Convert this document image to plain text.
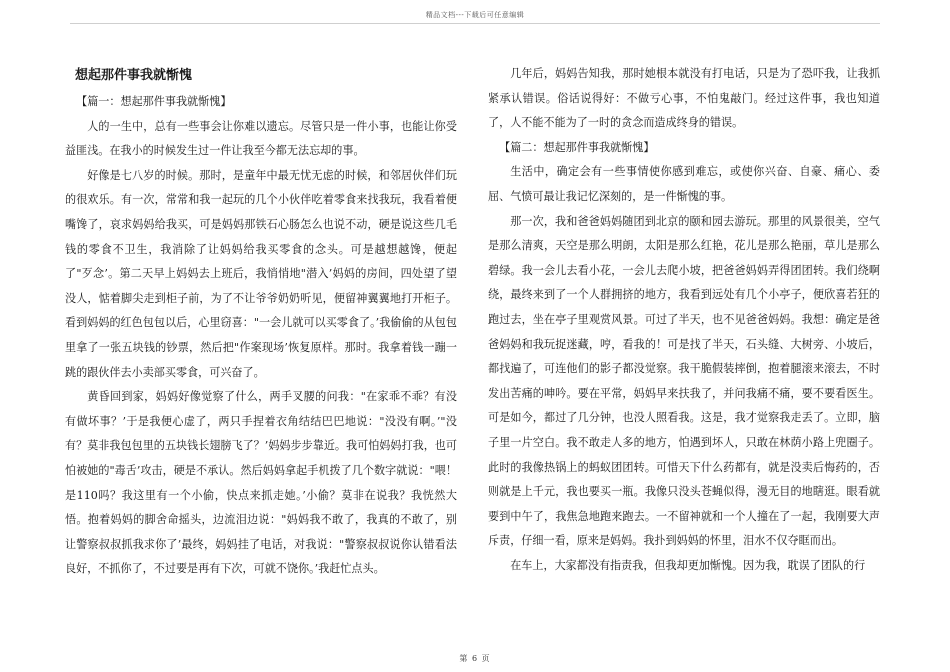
精品文档---下载后可任意编辑
想起那件事我就惭愧

【篇一：想起那件事我就惭愧】

人的一生中，总有一些事会让你难以遗忘。尽管只是一件小事，也能让你受益匪浅。在我小的时候发生过一件让我至今都无法忘却的事。

好像是七八岁的时候。那时，是童年中最无忧无虑的时候，和邻居伙伴们玩的很欢乐。有一次，常常和我一起玩的几个小伙伴吃着零食来找我玩，我看着便嘴馋了，哀求妈妈给我买，可是妈妈那铁石心肠怎么也说不动，硬是说这些几毛钱的零食不卫生，我消除了让妈妈给我买零食的念头。可是越想越馋，便起了"歹念’。第二天早上妈妈去上班后，我悄悄地"潜入’妈妈的房间，四处望了望没人，惦着脚尖走到柜子前，为了不让爷爷奶奶听见，便留神翼翼地打开柜子。看到妈妈的红色包包以后，心里窃喜："一会儿就可以买零食了。’我偷偷的从包包里拿了一张五块钱的钞票，然后把"作案现场’恢复原样。那时。我拿着钱一蹦一跳的跟伙伴去小卖部买零食，可兴奋了。

黄昏回到家，妈妈好像觉察了什么，两手叉腰的问我："在家乖不乖？有没有做坏事？’于是我便心虚了，两只手捏着衣角结结巴巴地说："没没有啊。’"没有？莫非我包包里的五块钱长翅膀飞了？’妈妈步步靠近。我可怕妈妈打我，也可怕被她的"毒舌’攻击，硬是不承认。然后妈妈拿起手机拨了几个数字就说："喂！是110吗？我这里有一个小偷，快点来抓走她。’小偷？莫非在说我？我恍然大悟。抱着妈妈的脚舍命摇头，边流泪边说："妈妈我不敢了，我真的不敢了，别让警察叔叔抓我求你了’最终，妈妈挂了电话，对我说："警察叔叔说你认错看法良好，不抓你了，不过要是再有下次，可就不饶你。’我赶忙点头。

几年后，妈妈告知我，那时她根本就没有打电话，只是为了恐吓我，让我抓紧承认错误。俗话说得好：不做亏心事，不怕鬼敲门。经过这件事，我也知道了，人不能不能为了一时的贪念而造成终身的错误。

【篇二：想起那件事我就惭愧】

生活中，确定会有一些事情使你感到难忘，或使你兴奋、自豪、痛心、委屈、气愤可最让我记忆深刻的，是一件惭愧的事。

那一次，我和爸爸妈妈随团到北京的颐和园去游玩。那里的风景很美，空气是那么清爽，天空是那么明朗，太阳是那么红艳，花儿是那么艳丽，草儿是那么碧绿。我一会儿去看小花，一会儿去爬小坡，把爸爸妈妈弄得团团转。我们绕啊绕，最终来到了一个人群拥挤的地方，我看到远处有几个小亭子，便欣喜若狂的跑过去，坐在亭子里观赏风景。可过了半天，也不见爸爸妈妈。我想：确定是爸爸妈妈和我玩捉迷藏，哼，看我的！可是找了半天，石头缝、大树旁、小坡后，都找遍了，可连他们的影子都没觉察。我干脆假装摔倒，抱着腿滚来滚去，不时发出苦痛的呻吟。要在平常，妈妈早来扶我了，并问我痛不痛，要不要看医生。可是如今，都过了几分钟，也没人照看我。这是，我才觉察我走丢了。立即，脑子里一片空白。我不敢走人多的地方，怕遇到坏人，只敢在林荫小路上兜圈子。此时的我像热锅上的蚂蚁团团转。可惜天下什么药都有，就是没卖后悔药的，否则就是上千元，我也要买一瓶。我像只没头苍蝇似得，漫无目的地瞎逛。眼看就要到中午了，我焦急地跑来跑去。一不留神就和一个人撞在了一起，我刚要大声斥责，仔细一看，原来是妈妈。我扑到妈妈的怀里，泪水不仅夺眶而出。

在车上，大家都没有指责我，但我却更加惭愧。因为我，耽误了团队的行

第 6 页
